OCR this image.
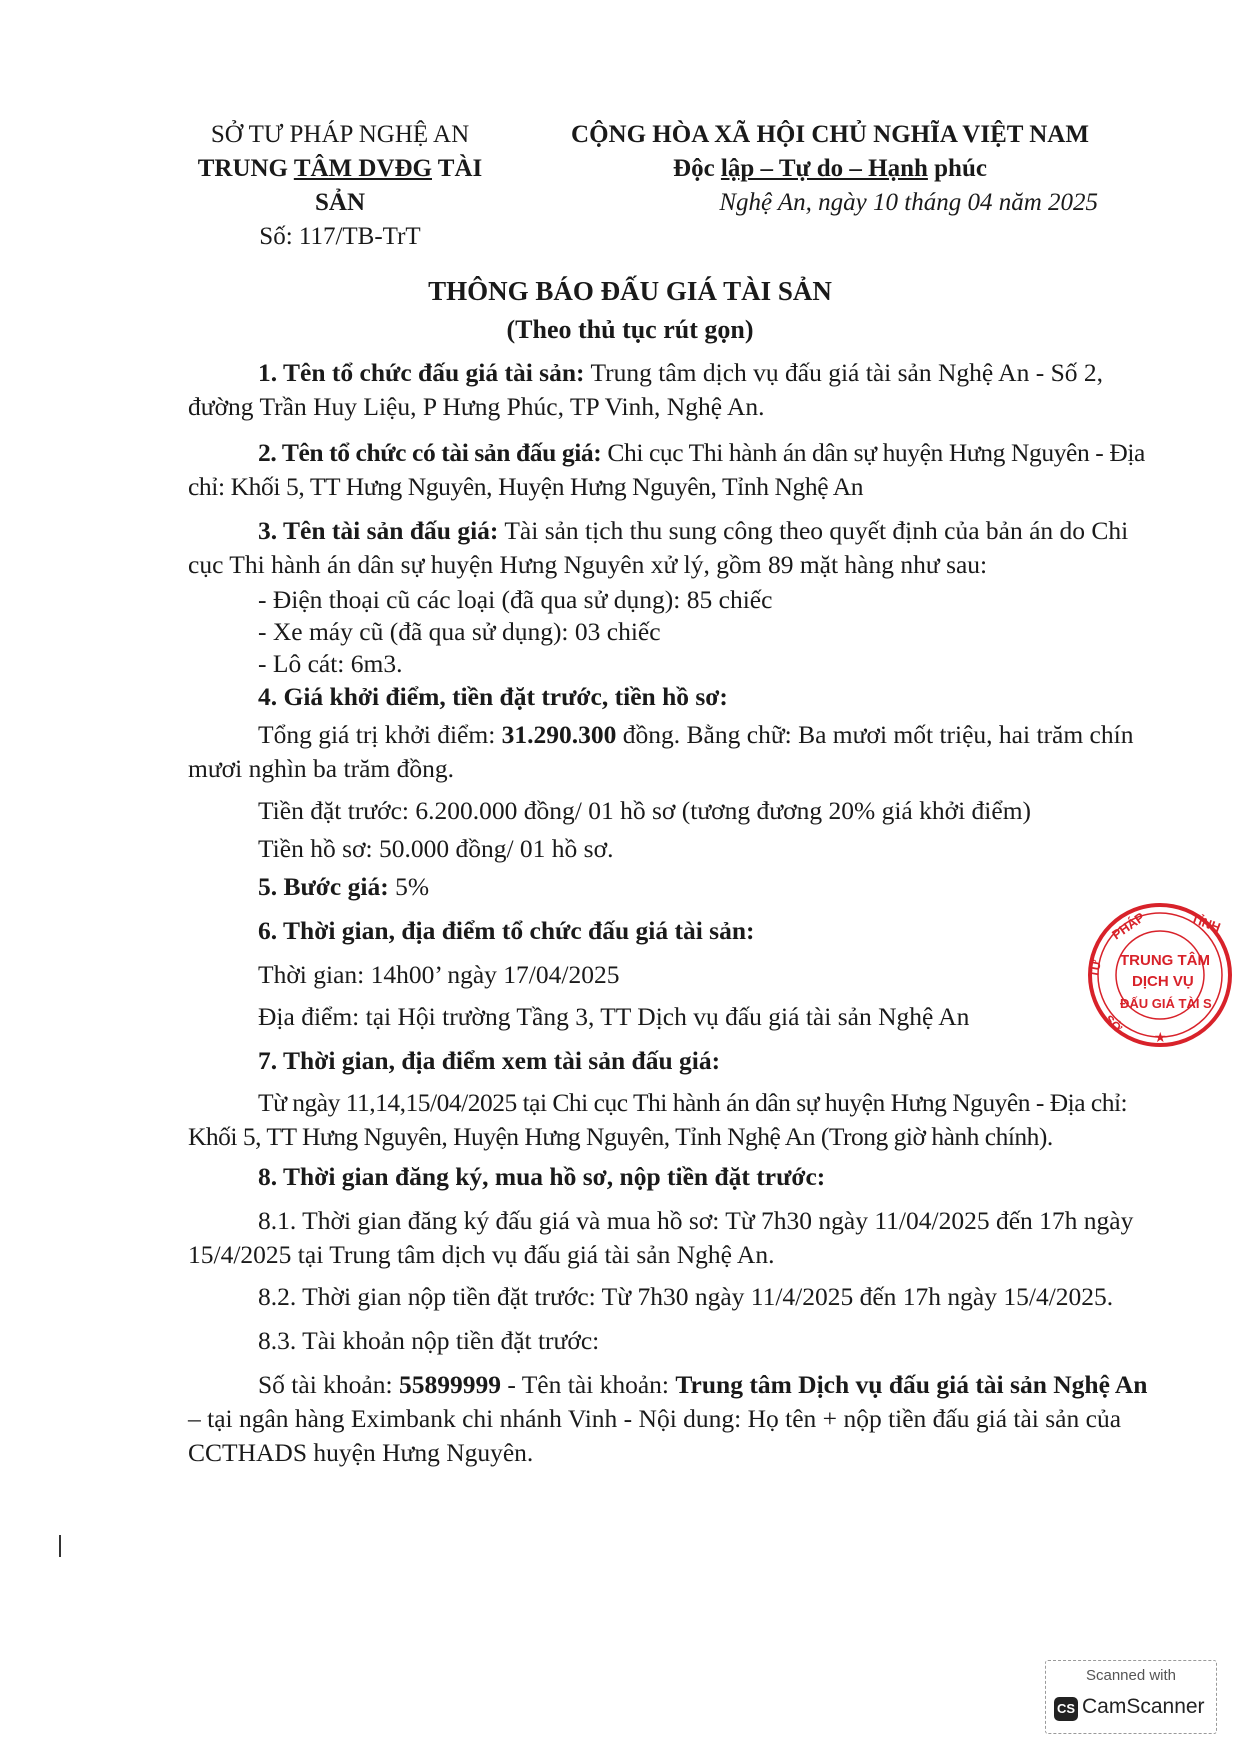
SỞ TƯ PHÁP NGHỆ AN
TRUNG TÂM DVĐG TÀI SẢN
Số: 117/TB-TrT
CỘNG HÒA XÃ HỘI CHỦ NGHĨA VIỆT NAM
Độc lập – Tự do – Hạnh phúc
Nghệ An, ngày 10 tháng 04 năm 2025
THÔNG BÁO ĐẤU GIÁ TÀI SẢN
(Theo thủ tục rút gọn)
1. Tên tổ chức đấu giá tài sản: Trung tâm dịch vụ đấu giá tài sản Nghệ An - Số 2, đường Trần Huy Liệu, P Hưng Phúc, TP Vinh, Nghệ An.
2. Tên tổ chức có tài sản đấu giá: Chi cục Thi hành án dân sự huyện Hưng Nguyên - Địa chỉ: Khối 5, TT Hưng Nguyên, Huyện Hưng Nguyên, Tỉnh Nghệ An
3. Tên tài sản đấu giá: Tài sản tịch thu sung công theo quyết định của bản án do Chi cục Thi hành án dân sự huyện Hưng Nguyên xử lý, gồm 89 mặt hàng như sau:
- Điện thoại cũ các loại (đã qua sử dụng): 85 chiếc
- Xe máy cũ (đã qua sử dụng): 03 chiếc
- Lô cát: 6m3.
4. Giá khởi điểm, tiền đặt trước, tiền hồ sơ:
Tổng giá trị khởi điểm: 31.290.300 đồng. Bằng chữ: Ba mươi mốt triệu, hai trăm chín mươi nghìn ba trăm đồng.
Tiền đặt trước: 6.200.000 đồng/ 01 hồ sơ (tương đương 20% giá khởi điểm)
Tiền hồ sơ: 50.000 đồng/ 01 hồ sơ.
5. Bước giá: 5%
6. Thời gian, địa điểm tổ chức đấu giá tài sản:
Thời gian: 14h00’ ngày 17/04/2025
Địa điểm: tại Hội trường Tầng 3, TT Dịch vụ đấu giá tài sản Nghệ An
7. Thời gian, địa điểm xem tài sản đấu giá:
Từ ngày 11,14,15/04/2025 tại Chi cục Thi hành án dân sự huyện Hưng Nguyên - Địa chỉ: Khối 5, TT Hưng Nguyên, Huyện Hưng Nguyên, Tỉnh Nghệ An (Trong giờ hành chính).
8. Thời gian đăng ký, mua hồ sơ, nộp tiền đặt trước:
8.1. Thời gian đăng ký đấu giá và mua hồ sơ: Từ 7h30 ngày 11/04/2025 đến 17h ngày 15/4/2025 tại Trung tâm dịch vụ đấu giá tài sản Nghệ An.
8.2. Thời gian nộp tiền đặt trước: Từ 7h30 ngày 11/4/2025 đến 17h ngày 15/4/2025.
8.3. Tài khoản nộp tiền đặt trước:
Số tài khoản: 55899999 - Tên tài khoản: Trung tâm Dịch vụ đấu giá tài sản Nghệ An – tại ngân hàng Eximbank chi nhánh Vinh - Nội dung: Họ tên + nộp tiền đấu giá tài sản của CCTHADS huyện Hưng Nguyên.
PHÁP	TỈNH
TRUNG TÂM
DỊCH VỤ
ĐẤU GIÁ TÀI S
TƯ
SỞ
★
Scanned with
CS CamScanner
